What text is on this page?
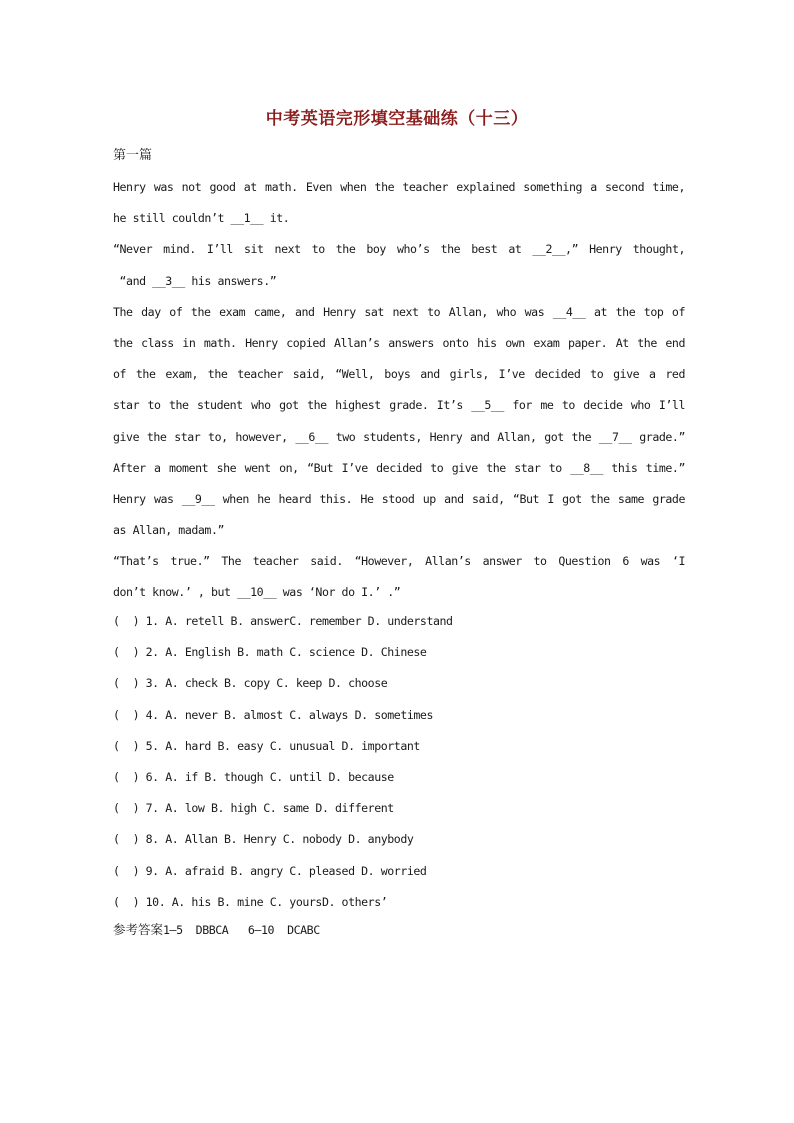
中考英语完形填空基础练（十三）
第一篇
Henry was not good at math. Even when the teacher explained something a second time,
he still couldn’t __1__ it.
“Never mind. I’ll sit next to the boy who’s the best at __2__,” Henry thought,
“and __3__ his answers.”
The day of the exam came, and Henry sat next to Allan, who was __4__ at the top of
the class in math. Henry copied Allan’s answers onto his own exam paper. At the end
of the exam, the teacher said, “Well, boys and girls, I’ve decided to give a red
star to the student who got the highest grade. It’s __5__ for me to decide who I’ll
give the star to, however, __6__ two students, Henry and Allan, got the __7__ grade.”
After a moment she went on, “But I’ve decided to give the star to __8__ this time.”
Henry was __9__ when he heard this. He stood up and said, “But I got the same grade
as Allan, madam.”
“That’s true.” The teacher said. “However, Allan’s answer to Question 6 was ‘I
don’t know.’ , but __10__ was ‘Nor do I.’ .”
(  ) 1. A. retell B. answerC. remember D. understand
(  ) 2. A. English B. math C. science D. Chinese
(  ) 3. A. check B. copy C. keep D. choose
(  ) 4. A. never B. almost C. always D. sometimes
(  ) 5. A. hard B. easy C. unusual D. important
(  ) 6. A. if B. though C. until D. because
(  ) 7. A. low B. high C. same D. different
(  ) 8. A. Allan B. Henry C. nobody D. anybody
(  ) 9. A. afraid B. angry C. pleased D. worried
(  ) 10. A. his B. mine C. yoursD. others’
参考答案1—5  DBBCA   6—10  DCABC
